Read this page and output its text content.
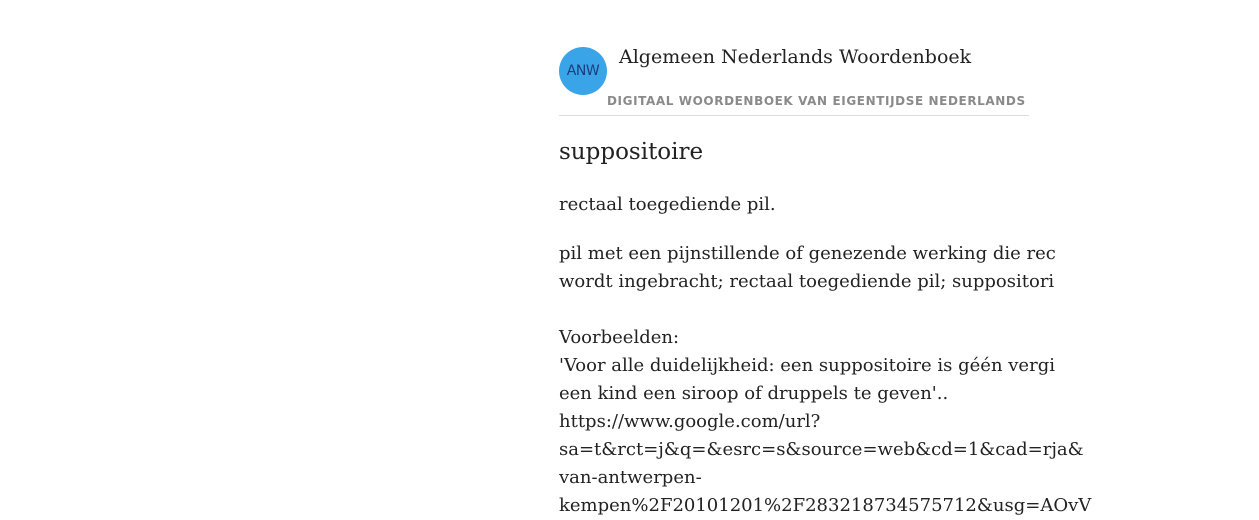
ANW
Algemeen Nederlands Woordenboek
DIGITAAL WOORDENBOEK VAN EIGENTIJDSE NEDERLANDS
suppositoire
rectaal toegediende pil.
pil met een pijnstillende of genezende werking die rec
wordt ingebracht; rectaal toegediende pil; suppositori
Voorbeelden:
'Voor alle duidelijkheid: een suppositoire is géén vergi
een kind een siroop of druppels te geven'..
https://www.google.com/url?
sa=t&rct=j&q=&esrc=s&source=web&cd=1&cad=rja&
van-antwerpen-
kempen%2F20101201%2F283218734575712&usg=AOvV
